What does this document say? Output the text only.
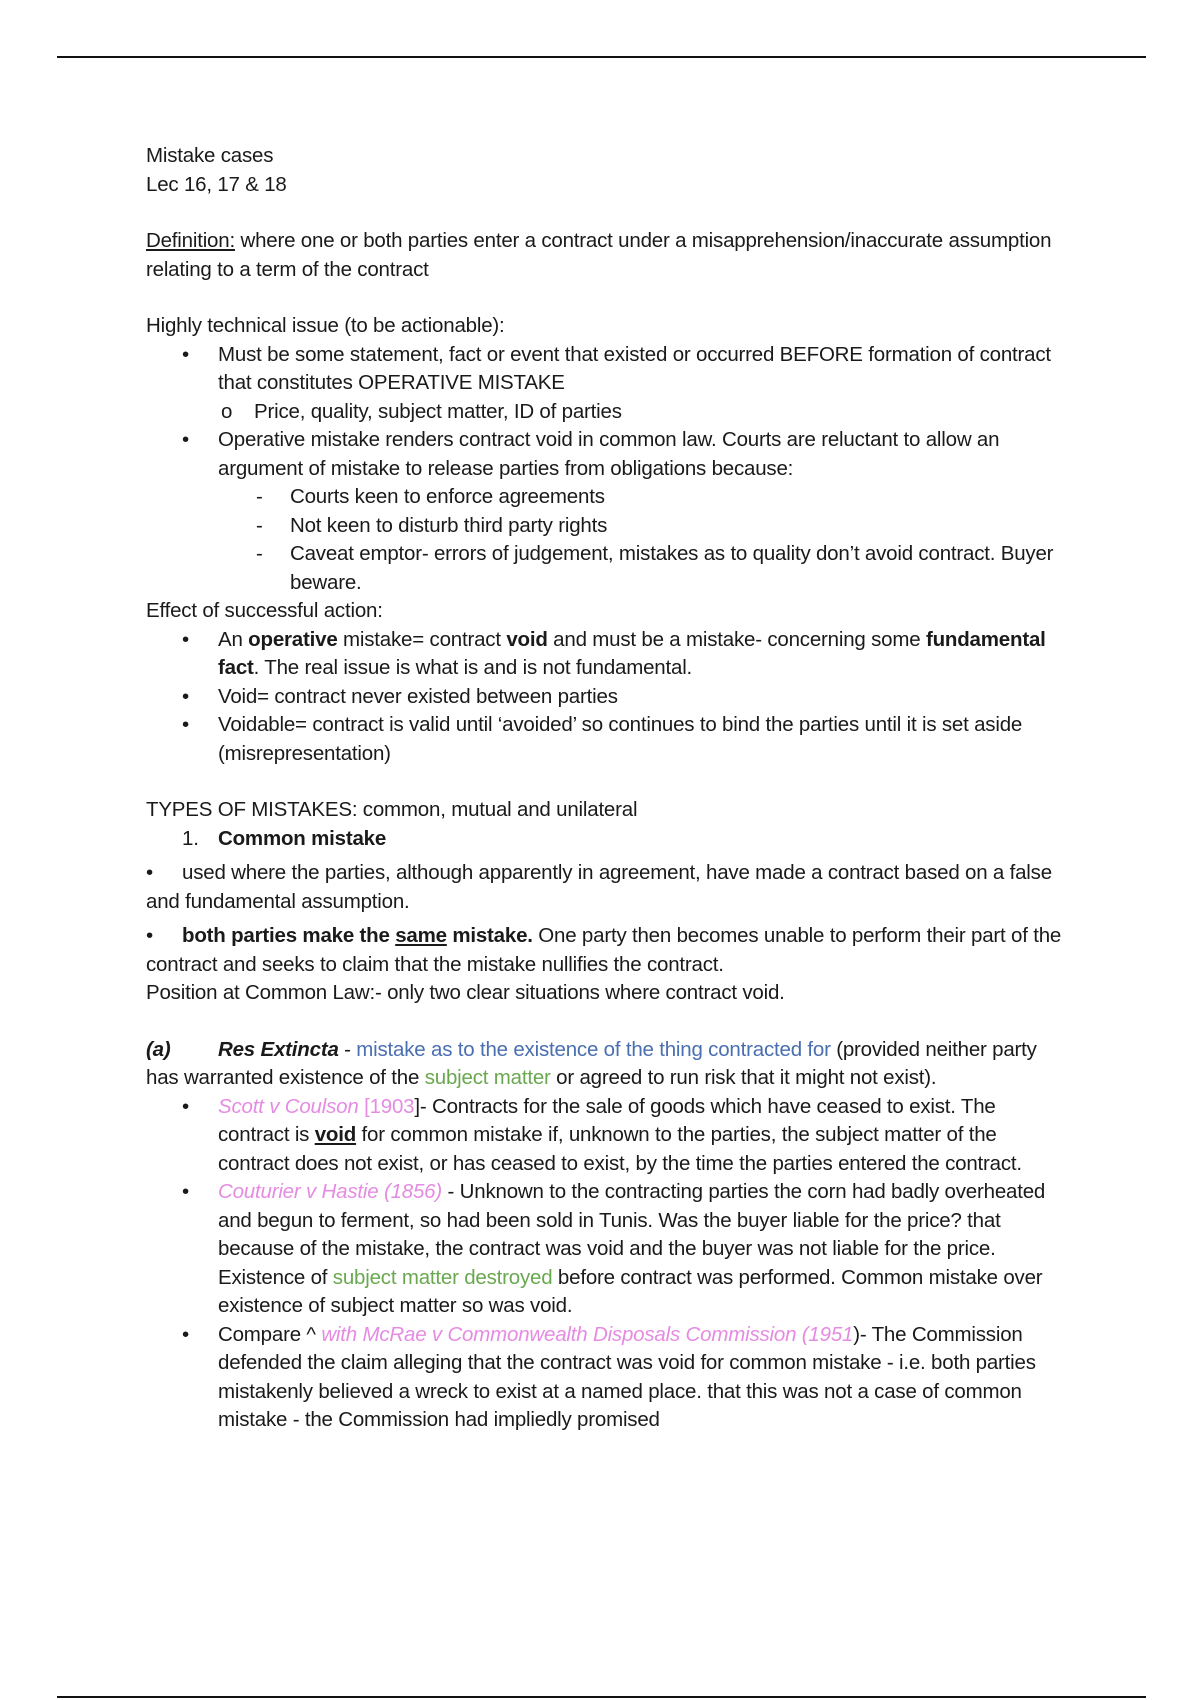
Mistake cases

Lec 16, 17 & 18

Definition: where one or both parties enter a contract under a misapprehension/inaccurate assumption relating to a term of the contract

Highly technical issue (to be actionable):

• Must be some statement, fact or event that existed or occurred BEFORE formation of contract that constitutes OPERATIVE MISTAKE
o Price, quality, subject matter, ID of parties
• Operative mistake renders contract void in common law. Courts are reluctant to allow an argument of mistake to release parties from obligations because:
- Courts keen to enforce agreements
- Not keen to disturb third party rights
- Caveat emptor- errors of judgement, mistakes as to quality don’t avoid contract. Buyer beware.

Effect of successful action:

• An operative mistake= contract void and must be a mistake- concerning some fundamental fact. The real issue is what is and is not fundamental.
• Void= contract never existed between parties
• Voidable= contract is valid until ‘avoided’ so continues to bind the parties until it is set aside (misrepresentation)

TYPES OF MISTAKES: common, mutual and unilateral

1. Common mistake

• used where the parties, although apparently in agreement, have made a contract based on a false and fundamental assumption.

• both parties make the same mistake. One party then becomes unable to perform their part of the contract and seeks to claim that the mistake nullifies the contract.

Position at Common Law:- only two clear situations where contract void.

(a) Res Extincta - mistake as to the existence of the thing contracted for (provided neither party has warranted existence of the subject matter or agreed to run risk that it might not exist).

• Scott v Coulson [1903]- Contracts for the sale of goods which have ceased to exist. The contract is void for common mistake if, unknown to the parties, the subject matter of the contract does not exist, or has ceased to exist, by the time the parties entered the contract.
• Couturier v Hastie (1856) - Unknown to the contracting parties the corn had badly overheated and begun to ferment, so had been sold in Tunis. Was the buyer liable for the price? that because of the mistake, the contract was void and the buyer was not liable for the price. Existence of subject matter destroyed before contract was performed. Common mistake over existence of subject matter so was void.
• Compare ^ with McRae v Commonwealth Disposals Commission (1951)- The Commission defended the claim alleging that the contract was void for common mistake - i.e. both parties mistakenly believed a wreck to exist at a named place. that this was not a case of common mistake - the Commission had impliedly promised
